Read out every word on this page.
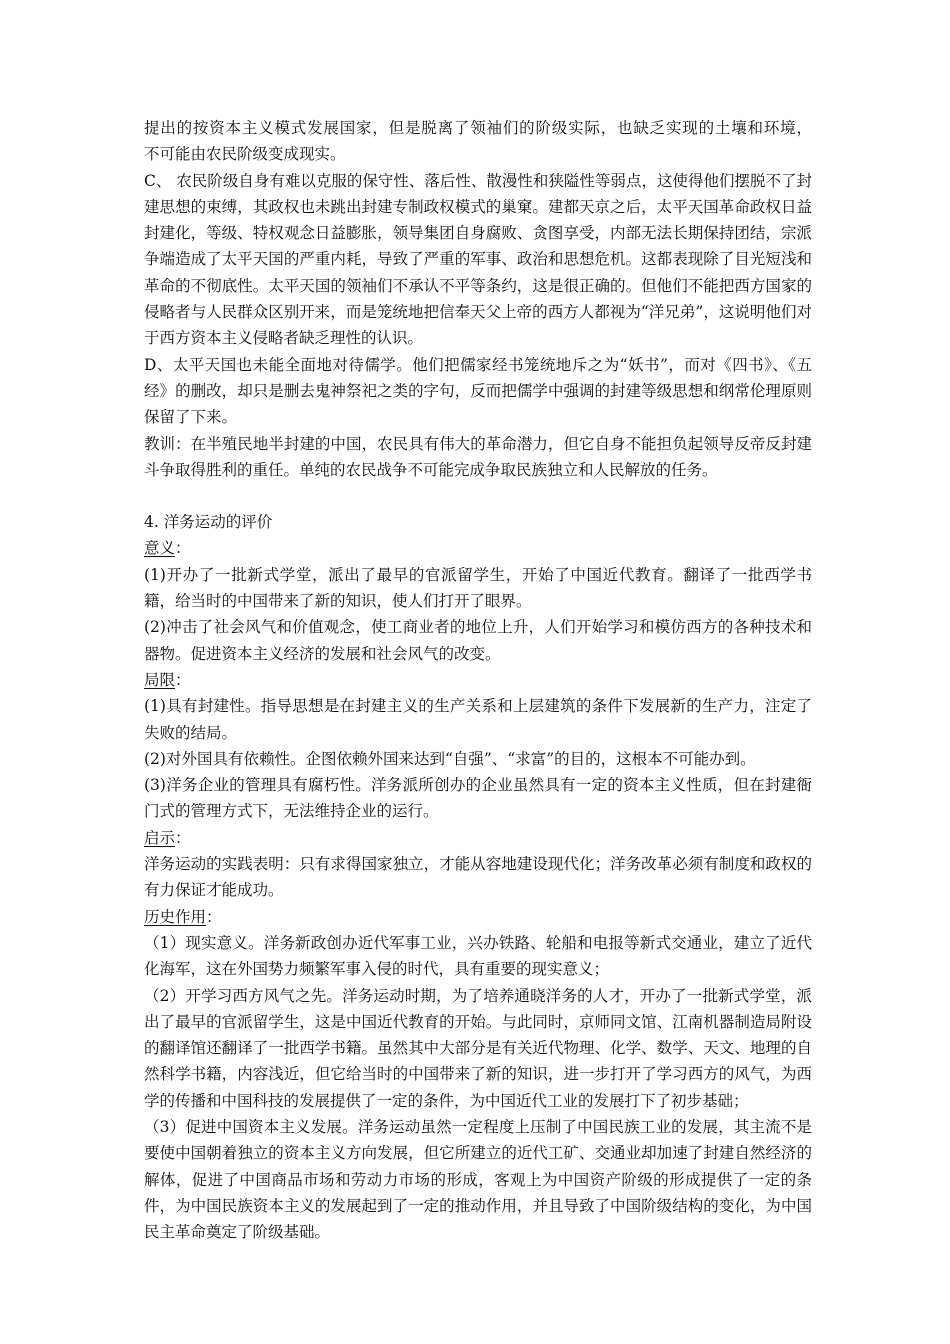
提出的按资本主义模式发展国家，但是脱离了领袖们的阶级实际，也缺乏实现的土壤和环境，

不可能由农民阶级变成现实。

C、 农民阶级自身有难以克服的保守性、落后性、散漫性和狭隘性等弱点，这使得他们摆脱不了封建思想的束缚，其政权也未跳出封建专制政权模式的巢窠。建都天京之后，太平天国革命政权日益封建化，等级、特权观念日益膨胀，领导集团自身腐败、贪图享受，内部无法长期保持团结，宗派争端造成了太平天国的严重内耗，导致了严重的军事、政治和思想危机。这都表现除了目光短浅和革命的不彻底性。太平天国的领袖们不承认不平等条约，这是很正确的。但他们不能把西方国家的侵略者与人民群众区别开来，而是笼统地把信奉天父上帝的西方人都视为“洋兄弟”，这说明他们对于西方资本主义侵略者缺乏理性的认识。

D、太平天国也未能全面地对待儒学。他们把儒家经书笼统地斥之为“妖书”，而对《四书》、《五经》的删改，却只是删去鬼神祭祀之类的字句，反而把儒学中强调的封建等级思想和纲常伦理原则保留了下来。

教训：在半殖民地半封建的中国，农民具有伟大的革命潜力，但它自身不能担负起领导反帝反封建斗争取得胜利的重任。单纯的农民战争不可能完成争取民族独立和人民解放的任务。

4. 洋务运动的评价

意义：

(1)开办了一批新式学堂，派出了最早的官派留学生，开始了中国近代教育。翻译了一批西学书籍，给当时的中国带来了新的知识，使人们打开了眼界。

(2)冲击了社会风气和价值观念，使工商业者的地位上升，人们开始学习和模仿西方的各种技术和器物。促进资本主义经济的发展和社会风气的改变。

局限：

(1)具有封建性。指导思想是在封建主义的生产关系和上层建筑的条件下发展新的生产力，注定了失败的结局。

(2)对外国具有依赖性。企图依赖外国来达到“自强”、“求富”的目的，这根本不可能办到。

(3)洋务企业的管理具有腐朽性。洋务派所创办的企业虽然具有一定的资本主义性质，但在封建衙门式的管理方式下，无法维持企业的运行。

启示：

洋务运动的实践表明：只有求得国家独立，才能从容地建设现代化；洋务改革必须有制度和政权的有力保证才能成功。

历史作用：

（1）现实意义。洋务新政创办近代军事工业，兴办铁路、轮船和电报等新式交通业，建立了近代化海军，这在外国势力频繁军事入侵的时代，具有重要的现实意义；

（2）开学习西方风气之先。洋务运动时期，为了培养通晓洋务的人才，开办了一批新式学堂，派出了最早的官派留学生，这是中国近代教育的开始。与此同时，京师同文馆、江南机器制造局附设的翻译馆还翻译了一批西学书籍。虽然其中大部分是有关近代物理、化学、数学、天文、地理的自然科学书籍，内容浅近，但它给当时的中国带来了新的知识，进一步打开了学习西方的风气，为西学的传播和中国科技的发展提供了一定的条件，为中国近代工业的发展打下了初步基础；

（3）促进中国资本主义发展。洋务运动虽然一定程度上压制了中国民族工业的发展，其主流不是要使中国朝着独立的资本主义方向发展，但它所建立的近代工矿、交通业却加速了封建自然经济的解体，促进了中国商品市场和劳动力市场的形成，客观上为中国资产阶级的形成提供了一定的条件，为中国民族资本主义的发展起到了一定的推动作用，并且导致了中国阶级结构的变化，为中国民主革命奠定了阶级基础。
